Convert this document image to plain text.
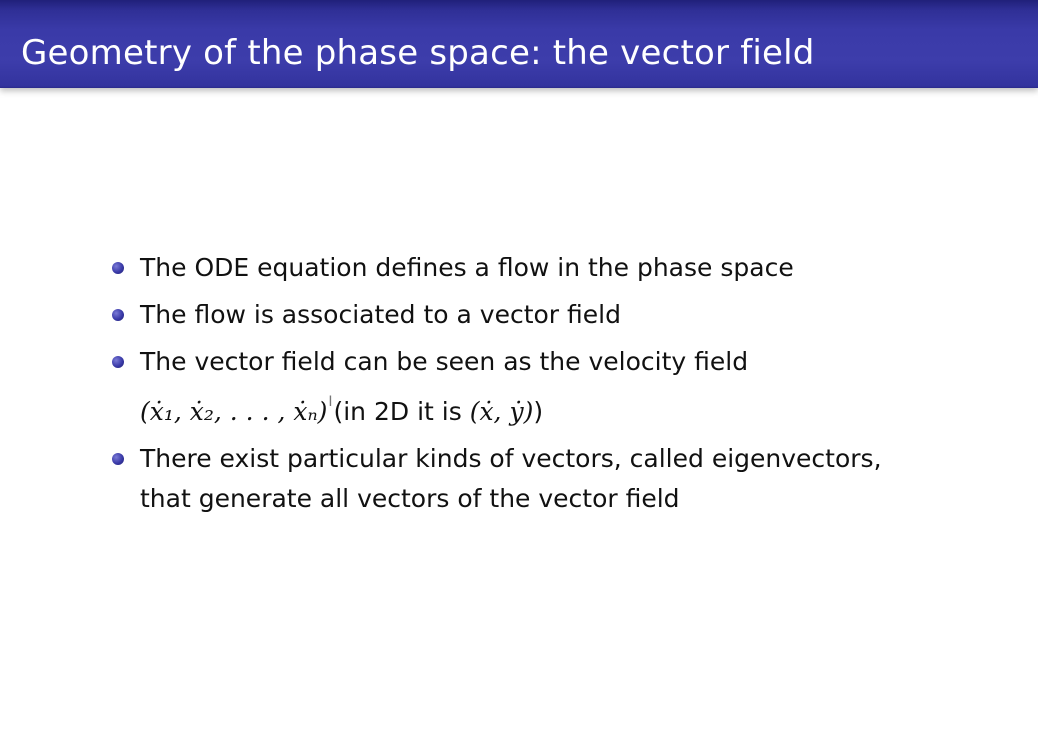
Geometry of the phase space: the vector field
The ODE equation defines a flow in the phase space
The flow is associated to a vector field
The vector field can be seen as the velocity field
(ẋ₁, ẋ₂, . . . , ẋₙ)I(in 2D it is (ẋ, ẏ))
There exist particular kinds of vectors, called eigenvectors,
that generate all vectors of the vector field
